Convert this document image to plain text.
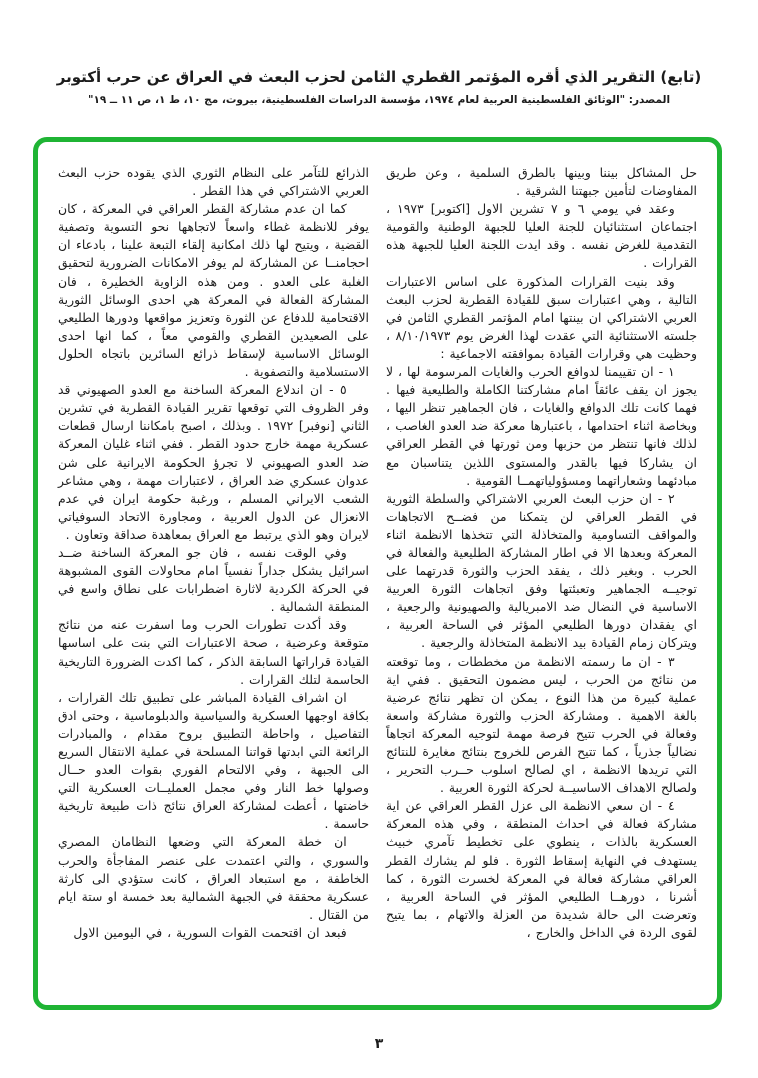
(تابع) التقرير الذي أقره المؤتمر القطري الثامن لحزب البعث في العراق عن حرب أكتوبر
المصدر: "الوثائق الفلسطينية العربية لعام ١٩٧٤، مؤسسة الدراسات الفلسطينية، بيروت، مج ١٠، ط ١، ص ١١ ــ ١٩"

حل المشاكل بيننا وبينها بالطرق السلمية ، وعن طريق المفاوضات لتأمين جبهتنا الشرقية .

وعقد في يومي ٦ و ٧ تشرين الاول [اكتوبر] ١٩٧٣ ، اجتماعان استثنائيان للجنة العليا للجبهة الوطنية والقومية التقدمية للغرض نفسه . وقد ايدت اللجنة العليا للجبهة هذه القرارات .

وقد بنيت القرارات المذكورة على اساس الاعتبارات التالية ، وهي اعتبارات سبق للقيادة القطرية لحزب البعث العربي الاشتراكي ان بينتها امام المؤتمر القطري الثامن في جلسته الاستثنائية التي عقدت لهذا الغرض يوم ٨/١٠/١٩٧٣ ، وحظيت هي وقرارات القيادة بموافقته الاجماعية :

١ - ان تقييمنا لدوافع الحرب والغايات المرسومة لها ، لا يجوز ان يقف عائقاً امام مشاركتنا الكاملة والطليعية فيها . فهما كانت تلك الدوافع والغايات ، فان الجماهير تنظر اليها ، وبخاصة اثناء احتدامها ، باعتبارها معركة ضد العدو الغاصب ، لذلك فانها تنتظر من حزبها ومن ثورتها في القطر العراقي ان يشاركا فيها بالقدر والمستوى اللذين يتناسبان مع مبادئهما وشعاراتهما ومسؤولياتهمــا القومية .

٢ - ان حزب البعث العربي الاشتراكي والسلطة الثورية في القطر العراقي لن يتمكنا من فضــح الاتجاهات والمواقف التساومية والمتخاذلة التي تتخذها الانظمة اثناء المعركة وبعدها الا في اطار المشاركة الطليعية والفعالة في الحرب . وبغير ذلك ، يفقد الحزب والثورة قدرتهما على توجيــه الجماهير وتعبئتها وفق اتجاهات الثورة العربية الاساسية في النضال ضد الامبريالية والصهيونية والرجعية ، اي يفقدان دورها الطليعي المؤثر في الساحة العربية ، ويتركان زمام القيادة بيد الانظمة المتخاذلة والرجعية .

٣ - ان ما رسمته الانظمة من مخططات ، وما توقعته من نتائج من الحرب ، ليس مضمون التحقيق . ففي اية عملية كبيرة من هذا النوع ، يمكن ان تظهر نتائج عرضية بالغة الاهمية . ومشاركة الحزب والثورة مشاركة واسعة وفعالة في الحرب تتيح فرصة مهمة لتوجيه المعركة اتجاهاً نضالياً جذرياً ، كما تتيح الفرص للخروج بنتائج مغايرة للنتائج التي تريدها الانظمة ، اي لصالح اسلوب حــرب التحرير ، ولصالح الاهداف الاساسيــة لحركة الثورة العربية .

٤ - ان سعي الانظمة الى عزل القطر العراقي عن اية مشاركة فعالة في احداث المنطقة ، وفي هذه المعركة العسكرية بالذات ، ينطوي على تخطيط تآمري خبيث يستهدف في النهاية إسقاط الثورة . فلو لم يشارك القطر العراقي مشاركة فعالة في المعركة لخسرت الثورة ، كما أشرنا ، دورهــا الطليعي المؤثر في الساحة العربية ، وتعرضت الى حالة شديدة من العزلة والاتهام ، بما يتيح لقوى الردة في الداخل والخارج ،

الذرائع للتآمر على النظام الثوري الذي يقوده حزب البعث العربي الاشتراكي في هذا القطر .

كما ان عدم مشاركة القطر العراقي في المعركة ، كان يوفر للانظمة غطاء واسعاً لاتجاهها نحو التسوية وتصفية القضية ، ويتيح لها ذلك امكانية إلقاء التبعة علينا ، بادعاء ان احجامنــا عن المشاركة لم يوفر الامكانات الضرورية لتحقيق الغلبة على العدو . ومن هذه الزاوية الخطيرة ، فان المشاركة الفعالة في المعركة هي احدى الوسائل الثورية الاقتحامية للدفاع عن الثورة وتعزيز مواقعها ودورها الطليعي على الصعيدين القطري والقومي معاً ، كما انها احدى الوسائل الاساسية لإسقاط ذرائع السائرين باتجاه الحلول الاستسلامية والتصفوية .

٥ - ان اندلاع المعركة الساخنة مع العدو الصهيوني قد وفر الظروف التي توقعها تقرير القيادة القطرية في تشرين الثاني [نوفبر] ١٩٧٢ . وبذلك ، اصبح بامكاننا ارسال قطعات عسكرية مهمة خارج حدود القطر . ففي اثناء غليان المعركة ضد العدو الصهيوني لا تجرؤ الحكومة الايرانية على شن عدوان عسكري ضد العراق ، لاعتبارات مهمة ، وهي مشاعر الشعب الايراني المسلم ، ورغبة حكومة ايران في عدم الانعزال عن الدول العربية ، ومجاورة الاتحاد السوفياتي لايران وهو الذي يرتبط مع العراق بمعاهدة صداقة وتعاون .

وفي الوقت نفسه ، فان جو المعركة الساخنة ضــد اسرائيل يشكل جداراً نفسياً امام محاولات القوى المشبوهة في الحركة الكردية لاثارة اضطرابات على نطاق واسع في المنطقة الشمالية .

وقد أكدت تطورات الحرب وما اسفرت عنه من نتائج متوقعة وعرضية ، صحة الاعتبارات التي بنت على اساسها القيادة قراراتها السابقة الذكر ، كما اكدت الضرورة التاريخية الحاسمة لتلك القرارات .

ان اشراف القيادة المباشر على تطبيق تلك القرارات ، بكافة اوجهها العسكرية والسياسية والدبلوماسية ، وحتى ادق التفاصيل ، واحاطة التطبيق بروح مقدام ، والمبادرات الرائعة التي ابدتها قواتنا المسلحة في عملية الانتقال السريع الى الجبهة ، وفي الالتحام الفوري بقوات العدو حــال وصولها خط النار وفي مجمل العمليــات العسكرية التي خاضتها ، أعطت لمشاركة العراق نتائج ذات طبيعة تاريخية حاسمة .

ان خطة المعركة التي وضعها النظامان المصري والسوري ، والتي اعتمدت على عنصر المفاجأة والحرب الخاطفة ، مع استبعاد العراق ، كانت ستؤدي الى كارثة عسكرية محققة في الجبهة الشمالية بعد خمسة او ستة ايام من القتال .

فبعد ان اقتحمت القوات السورية ، في اليومين الاول

٣
